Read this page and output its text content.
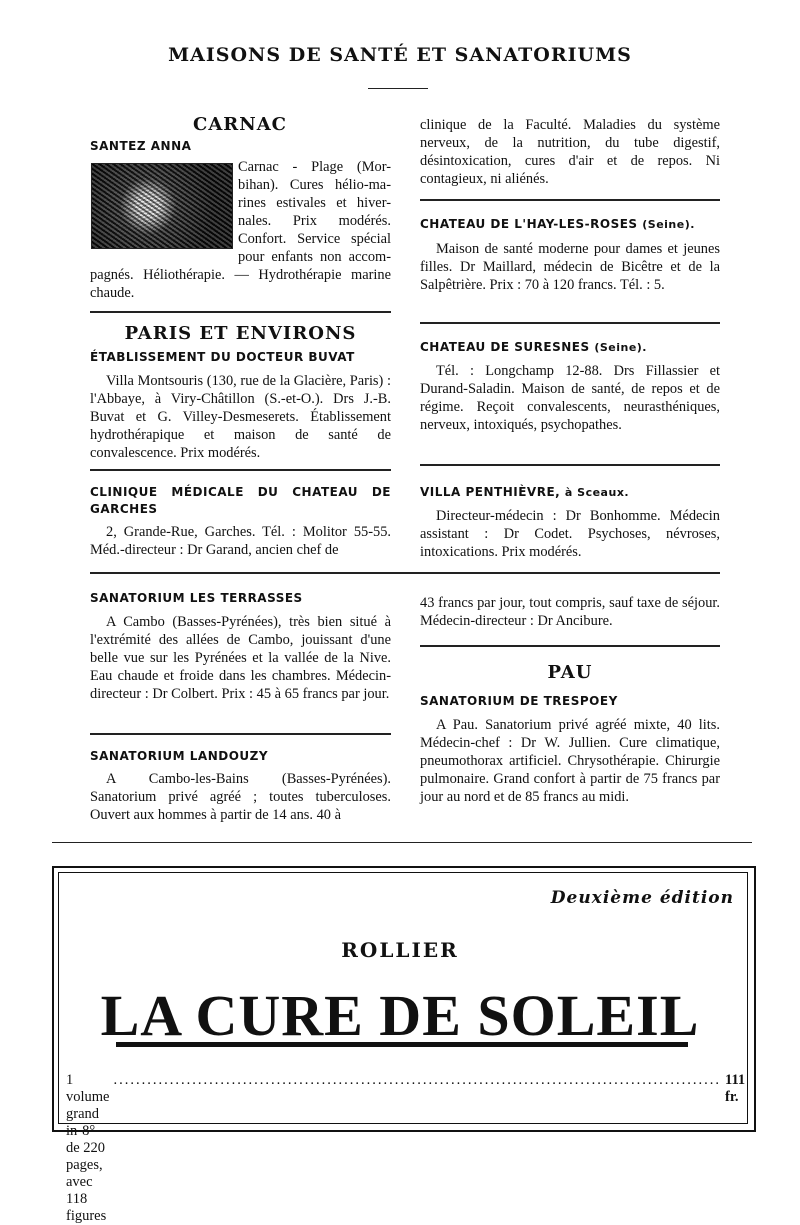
MAISONS DE SANTÉ ET SANATORIUMS
CARNAC
SANTEZ ANNA
Carnac - Plage (Mor-
bihan). Cures hélio-ma-
rines estivales et hiver-
nales. Prix modérés.
Confort. Service spécial
pour enfants non accom-
pagnés. Héliothérapie. — Hydrothérapie marine chaude.
PARIS ET ENVIRONS
ÉTABLISSEMENT DU DOCTEUR BUVAT

Villa Montsouris (130, rue de la Glacière, Paris) : l'Abbaye, à Viry-Châtillon (S.-et-O.). Drs J.-B. Buvat et G. Villey-Desmeserets. Établissement hydrothérapique et maison de santé de convalescence. Prix modérés.

CLINIQUE MÉDICALE DU CHATEAU DE GARCHES

2, Grande-Rue, Garches. Tél. : Molitor 55-55. Méd.-directeur : Dr Garand, ancien chef de

clinique de la Faculté. Maladies du système nerveux, de la nutrition, du tube digestif, désintoxication, cures d'air et de repos. Ni contagieux, ni aliénés.

CHATEAU DE L'HAY-LES-ROSES (Seine).

Maison de santé moderne pour dames et jeunes filles. Dr Maillard, médecin de Bicêtre et de la Salpêtrière. Prix : 70 à 120 francs. Tél. : 5.

CHATEAU DE SURESNES (Seine).

Tél. : Longchamp 12-88. Drs Fillassier et Durand-Saladin. Maison de santé, de repos et de régime. Reçoit convalescents, neurasthéniques, nerveux, intoxiqués, psychopathes.

VILLA PENTHIÈVRE, à Sceaux.

Directeur-médecin : Dr Bonhomme. Médecin assistant : Dr Codet. Psychoses, névroses, intoxications. Prix modérés.

SANATORIUM LES TERRASSES

A Cambo (Basses-Pyrénées), très bien situé à l'extrémité des allées de Cambo, jouissant d'une belle vue sur les Pyrénées et la vallée de la Nive. Eau chaude et froide dans les chambres. Médecin-directeur : Dr Colbert. Prix : 45 à 65 francs par jour.

SANATORIUM LANDOUZY

A Cambo-les-Bains (Basses-Pyrénées). Sanatorium privé agréé ; toutes tuberculoses. Ouvert aux hommes à partir de 14 ans. 40 à

43 francs par jour, tout compris, sauf taxe de séjour. Médecin-directeur : Dr Ancibure.

PAU
SANATORIUM DE TRESPOEY

A Pau. Sanatorium privé agréé mixte, 40 lits. Médecin-chef : Dr W. Jullien. Cure climatique, pneumothorax artificiel. Chrysothérapie. Chirurgie pulmonaire. Grand confort à partir de 75 francs par jour au nord et de 85 francs au midi.

Deuxième édition
ROLLIER
LA CURE DE SOLEIL
1 volume grand in-8° de 220 pages, avec 118 figures
............................................................................................................ 111 fr.
